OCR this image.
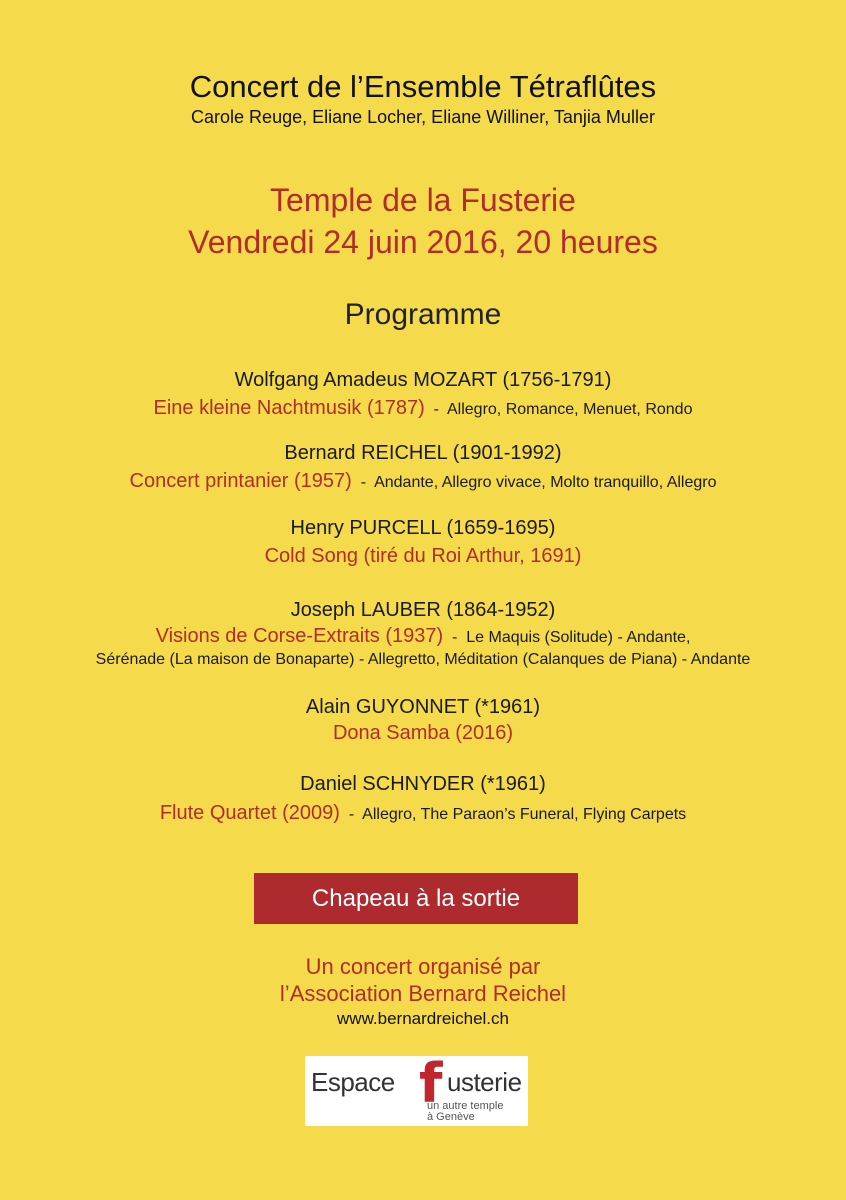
Concert de l’Ensemble Tétraflûtes
Carole Reuge, Eliane Locher, Eliane Williner, Tanjia Muller
Temple de la Fusterie
Vendredi 24 juin 2016, 20 heures
Programme
Wolfgang Amadeus MOZART (1756-1791)
Eine kleine Nachtmusik (1787)  -  Allegro, Romance, Menuet, Rondo
Bernard REICHEL (1901-1992)
Concert printanier (1957)  -  Andante, Allegro vivace, Molto tranquillo, Allegro
Henry PURCELL (1659-1695)
Cold Song (tiré du Roi Arthur, 1691)
Joseph LAUBER (1864-1952)
Visions de Corse-Extraits (1937)  -  Le Maquis (Solitude) - Andante,
Sérénade (La maison de Bonaparte) - Allegretto, Méditation (Calanques de Piana) - Andante
Alain GUYONNET (*1961)
Dona Samba (2016)
Daniel SCHNYDER (*1961)
Flute Quartet (2009)  -  Allegro, The Paraon’s Funeral, Flying Carpets
Chapeau à la sortie
Un concert organisé par
l’Association Bernard Reichel
www.bernardreichel.ch
Espace f usterie
un autre temple
à Genève
